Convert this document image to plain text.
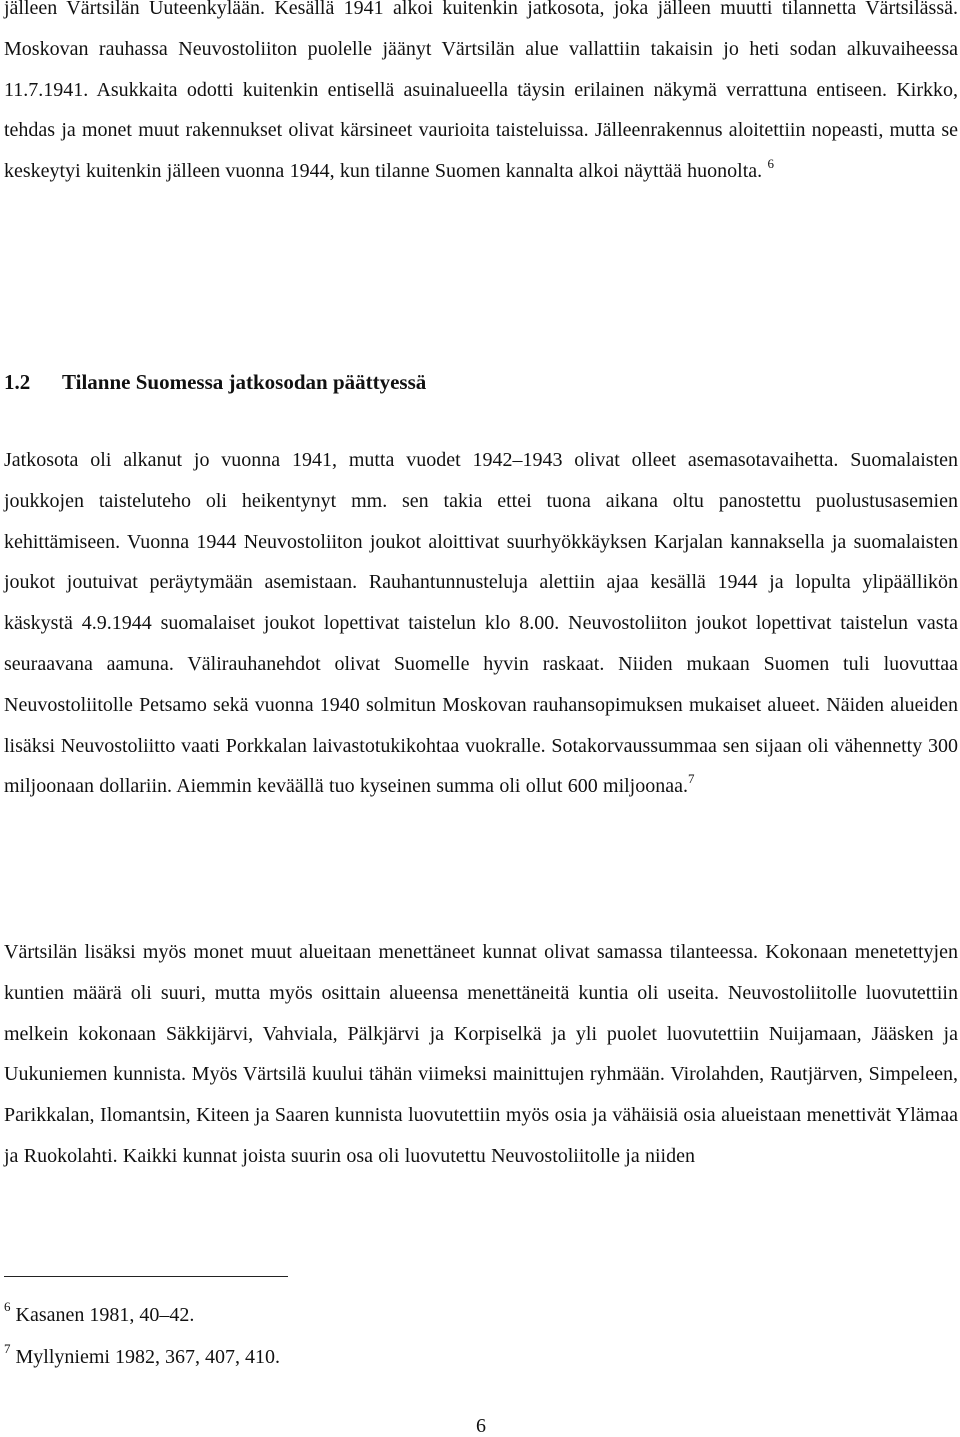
jälleen Värtsilän Uuteenkylään. Kesällä 1941 alkoi kuitenkin jatkosota, joka jälleen muutti tilannetta Värtsilässä. Moskovan rauhassa Neuvostoliiton puolelle jäänyt Värtsilän alue vallattiin takaisin jo heti sodan alkuvaiheessa 11.7.1941. Asukkaita odotti kuitenkin entisellä asuinalueella täysin erilainen näkymä verrattuna entiseen. Kirkko, tehdas ja monet muut rakennukset olivat kärsineet vaurioita taisteluissa. Jälleenrakennus aloitettiin nopeasti, mutta se keskeytyi kuitenkin jälleen vuonna 1944, kun tilanne Suomen kannalta alkoi näyttää huonolta. $^6$

1.2 Tilanne Suomessa jatkosodan päättyessä

Jatkosota oli alkanut jo vuonna 1941, mutta vuodet 1942–1943 olivat olleet asemasotavaihetta. Suomalaisten joukkojen taisteluteho oli heikentynyt mm. sen takia ettei tuona aikana oltu panostettu puolustusasemien kehittämiseen. Vuonna 1944 Neuvostoliiton joukot aloittivat suurhyökkäyksen Karjalan kannaksella ja suomalaisten joukot joutuivat peräytymään asemistaan. Rauhantunnusteluja alettiin ajaa kesällä 1944 ja lopulta ylipäällikön käskystä 4.9.1944 suomalaiset joukot lopettivat taistelun klo 8.00. Neuvostoliiton joukot lopettivat taistelun vasta seuraavana aamuna. Välirauhanehdot olivat Suomelle hyvin raskaat. Niiden mukaan Suomen tuli luovuttaa Neuvostoliitolle Petsamo sekä vuonna 1940 solmitun Moskovan rauhansopimuksen mukaiset alueet. Näiden alueiden lisäksi Neuvostoliitto vaati Porkkalan laivastotukikohtaa vuokralle. Sotakorvaussummaa sen sijaan oli vähennetty 300 miljoonaan dollariin. Aiemmin keväällä tuo kyseinen summa oli ollut 600 miljoonaa.$^7$

Värtsilän lisäksi myös monet muut alueitaan menettäneet kunnat olivat samassa tilanteessa. Kokonaan menetettyjen kuntien määrä oli suuri, mutta myös osittain alueensa menettäneitä kuntia oli useita. Neuvostoliitolle luovutettiin melkein kokonaan Säkkijärvi, Vahviala, Pälkjärvi ja Korpiselkä ja yli puolet luovutettiin Nuijamaan, Jääsken ja Uukuniemen kunnista. Myös Värtsilä kuului tähän viimeksi mainittujen ryhmään. Virolahden, Rautjärven, Simpeleen, Parikkalan, Ilomantsin, Kiteen ja Saaren kunnista luovutettiin myös osia ja vähäisiä osia alueistaan menettivät Ylämaa ja Ruokolahti. Kaikki kunnat joista suurin osa oli luovutettu Neuvostoliitolle ja niiden

$^6$ Kasanen 1981, 40–42.

$^7$ Myllyniemi 1982, 367, 407, 410.

6
